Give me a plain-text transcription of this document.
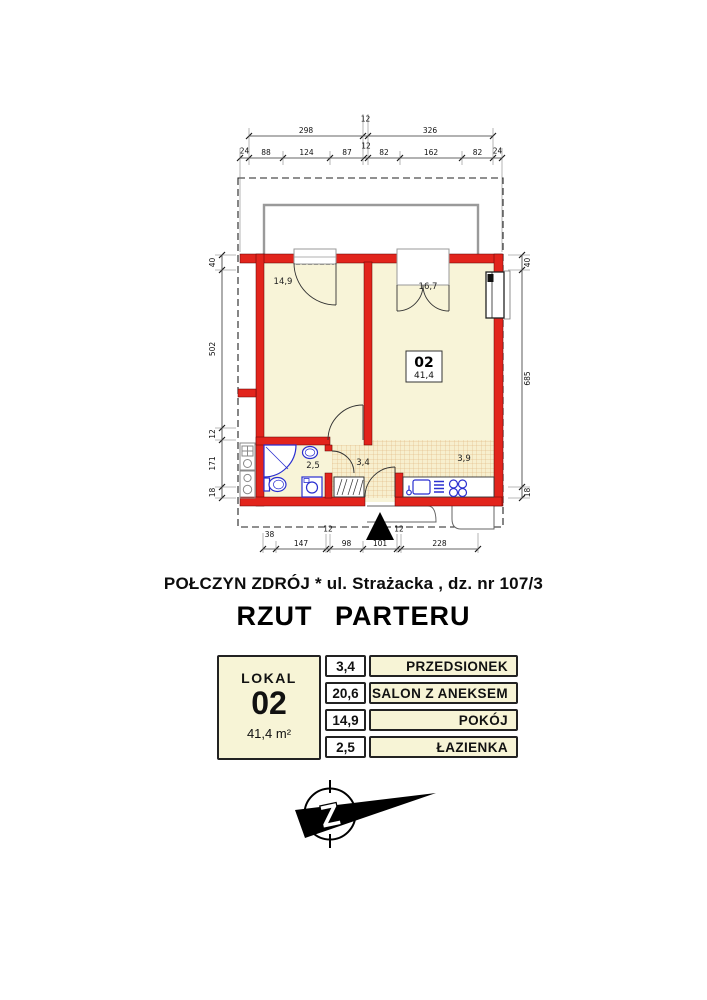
02
41,4
14,9	16,7
2,5	3,4	3,9
298
12
326
24 88	124	87
12
82	162	82 24
38
12	12
147	98	101	228
40
502
12
171
18
40
685
18
POŁCZYN ZDRÓJ * ul. Strażacka , dz. nr 107/3
RZUT PARTERU
LOKAL
02
41,4 m²
3,4	PRZEDSIONEK
20,6 SALON Z ANEKSEM
14,9	POKÓJ
2,5	ŁAZIENKA
Z
